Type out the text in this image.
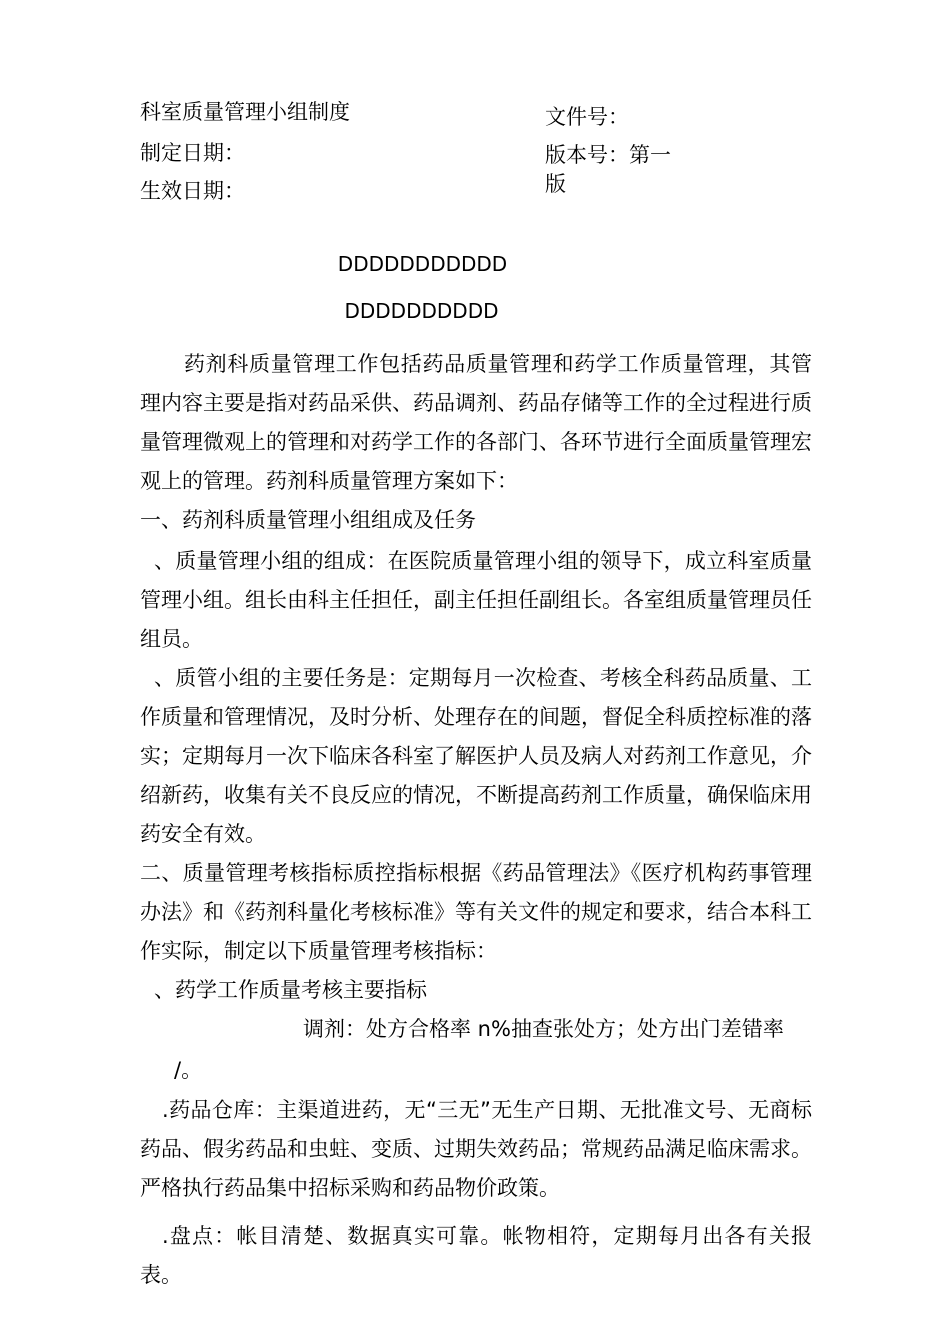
科室质量管理小组制度	文件号：
制定日期：	版本号：第一
版
生效日期：
DDDDDDDDDDD
DDDDDDDDDD
药剂科质量管理工作包括药品质量管理和药学工作质量管理，其管理内容主要是指对药品采供、药品调剂、药品存储等工作的全过程进行质量管理微观上的管理和对药学工作的各部门、各环节进行全面质量管理宏观上的管理。药剂科质量管理方案如下：
一、药剂科质量管理小组组成及任务
、质量管理小组的组成：在医院质量管理小组的领导下，成立科室质量管理小组。组长由科主任担任，副主任担任副组长。各室组质量管理员任组员。
、质管小组的主要任务是：定期每月一次检查、考核全科药品质量、工作质量和管理情况，及时分析、处理存在的间题，督促全科质控标准的落实；定期每月一次下临床各科室了解医护人员及病人对药剂工作意见，介绍新药，收集有关不良反应的情况，不断提高药剂工作质量，确保临床用药安全有效。
二、质量管理考核指标质控指标根据《药品管理法》《医疗机构药事管理办法》和《药剂科量化考核标准》等有关文件的规定和要求，结合本科工作实际，制定以下质量管理考核指标：
、药学工作质量考核主要指标
调剂：处方合格率 n%抽查张处方；处方出门差错率
/。
.药品仓库：主渠道进药，无“三无”无生产日期、无批准文号、无商标药品、假劣药品和虫蛀、变质、过期失效药品；常规药品满足临床需求。严格执行药品集中招标采购和药品物价政策。
.盘点：帐目清楚、数据真实可靠。帐物相符，定期每月出各有关报表。
